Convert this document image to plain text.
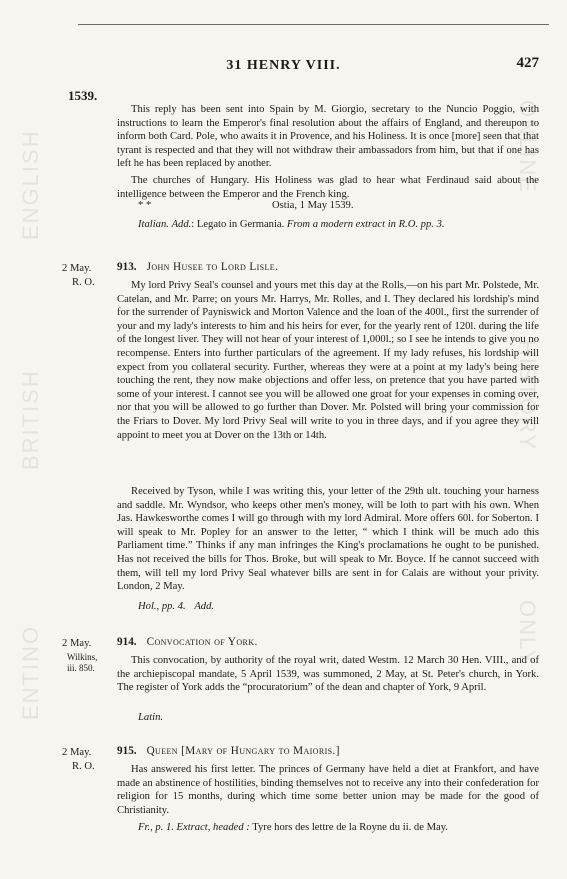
31 HENRY VIII.	427
1539.
ENGLISH
BRITISH
ENTINO
ONLINE
HISTORY
ONLY

This reply has been sent into Spain by M. Giorgio, secretary to the Nuncio Poggio, with instructions to learn the Emperor's final resolution about the affairs of England, and thereupon to inform both Card. Pole, who awaits it in Provence, and his Holiness. It is once [more] seen that that tyrant is respected and that they will not withdraw their ambassadors from him, but that if one has left he has been replaced by another.

The churches of Hungary. His Holiness was glad to hear what Ferdinaud said about the intelligence between the Emperor and the French king.

* *	Ostia, 1 May 1539.
Italian. Add.: Legato in Germania. From a modern extract in R.O. pp. 3.
2 May.
R. O.
913. John Husee to Lord Lisle.

My lord Privy Seal's counsel and yours met this day at the Rolls,—on his part Mr. Polstede, Mr. Catelan, and Mr. Parre; on yours Mr. Harrys, Mr. Rolles, and I. They declared his lordship's mind for the surrender of Payniswick and Morton Valence and the loan of the 400l., first the surrender of your and my lady's interests to him and his heirs for ever, for the yearly rent of 120l. during the life of the longest liver. They will not hear of your interest of 1,000l.; so I see he intends to give you no recompense. Enters into further particulars of the agreement. If my lady refuses, his lordship will expect from you collateral security. Further, whereas they were at a point at my lady's being here touching the rent, they now make objections and offer less, on pretence that you have parted with some of your interest. I cannot see you will be allowed one groat for your expenses in coming over, nor that you will be allowed to go further than Dover. Mr. Polsted will bring your commission for the Friars to Dover. My lord Privy Seal will write to you in three days, and if you agree they will appoint to meet you at Dover on the 13th or 14th.

Received by Tyson, while I was writing this, your letter of the 29th ult. touching your harness and saddle. Mr. Wyndsor, who keeps other men's money, will be loth to part with his own. When Jas. Hawkesworthe comes I will go through with my lord Admiral. More offers 60l. for Soberton. I will speak to Mr. Popley for an answer to the letter, “ which I think will be much ado this Parliament time.” Thinks if any man infringes the King's proclamations he ought to be punished. Has not received the bills for Thos. Broke, but will speak to Mr. Boyce. If he cannot succeed with them, will tell my lord Privy Seal whatever bills are sent in for Calais are without your privity. London, 2 May.

Hol., pp. 4. Add.
2 May.
Wilkins, iii. 850.
914. Convocation of York.

This convocation, by authority of the royal writ, dated Westm. 12 March 30 Hen. VIII., and of the archiepiscopal mandate, 5 April 1539, was summoned, 2 May, at St. Peter's church, in York. The register of York adds the “procuratorium” of the dean and chapter of York, 9 April.

Latin.
2 May.
R. O.
915. Queen [Mary of Hungary to Maioris.]

Has answered his first letter. The princes of Germany have held a diet at Frankfort, and have made an abstinence of hostilities, binding themselves not to receive any into their confederation for religion for 15 months, during which time some better union may be made for the good of Christianity.

Fr., p. 1. Extract, headed : Tyre hors des lettre de la Royne du ii. de May.
